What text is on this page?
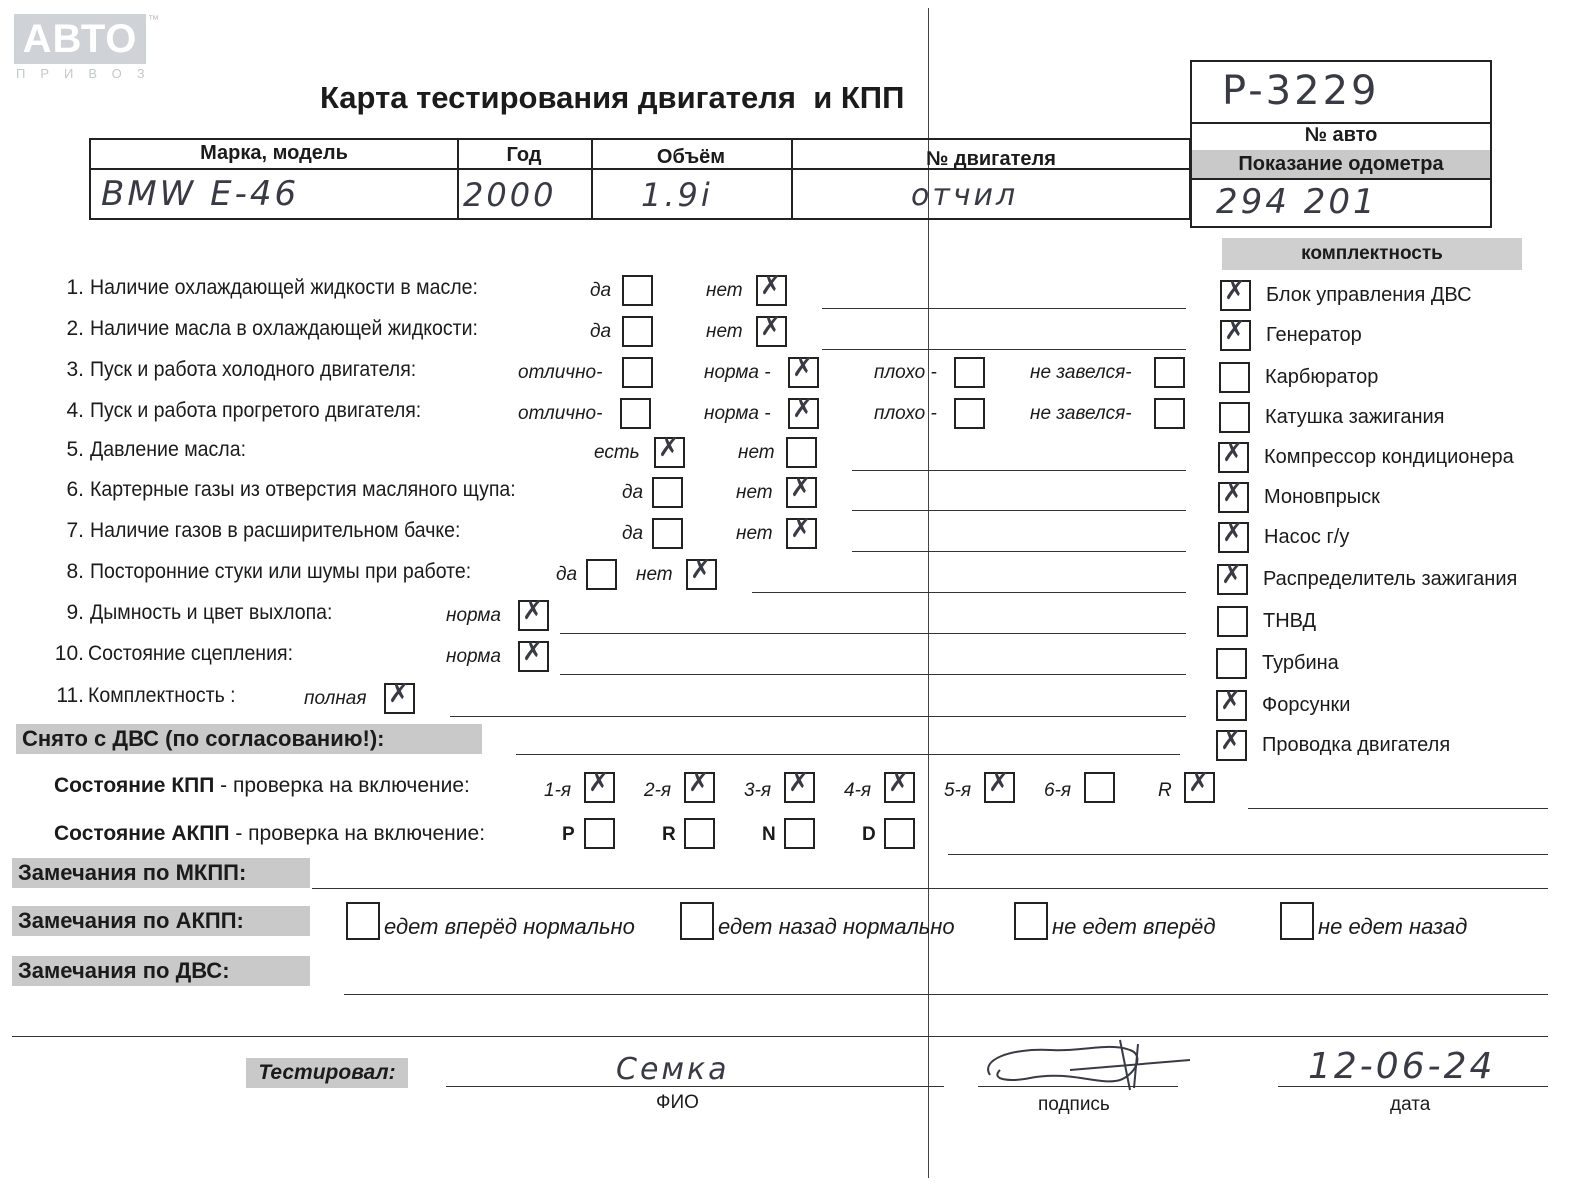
АВТО ™
ПРИВОЗ
Карта тестирования двигателя  и КПП	P-3229
№ авто
Показание одометра
294 201
Марка, модель	Год	Объём	№ двигателя
BMW E-46	2000	1.9i	отчил
1. Наличие охлаждающей жидкости в масле:	да	нет ✗
2. Наличие масла в охлаждающей жидкости:	да	нет ✗
3. Пуск и работа холодного двигателя:	отлично-	норма - ✗	плохо -	не завелся-
4. Пуск и работа прогретого двигателя:	отлично-	норма - ✗	плохо -	не завелся-
5. Давление масла:	есть ✗	нет
6. Картерные газы из отверстия масляного щупа:	да	нет ✗
7. Наличие газов в расширительном бачке:	да	нет ✗
8. Посторонние стуки или шумы при работе:	да	нет ✗
9. Дымность и цвет выхлопа:	норма ✗
10. Состояние сцепления:	норма ✗
11. Комплектность :	полная ✗
комплектность
✗ Блок управления ДВС
✗ Генератор
Карбюратор
Катушка зажигания
✗ Компрессор кондиционера
✗ Моновпрыск
✗ Насос г/у
✗ Распределитель зажигания
ТНВД
Турбина
✗ Форсунки
✗ Проводка двигателя
Снято с ДВС (по согласованию!):
Состояние КПП - проверка на включение:
Состояние АКПП - проверка на включение:
Замечания по МКПП:
Замечания по АКПП:
Замечания по ДВС:
Тестировал:	Семка
ФИО	подпись
12-06-24
дата
1-я ✗ 2-я ✗ 3-я ✗ 4-я ✗ 5-я ✗ 6-я	R ✗
P	R	N	D
едет вперёд нормально	едет назад нормально	не едет вперёд	не едет назад
